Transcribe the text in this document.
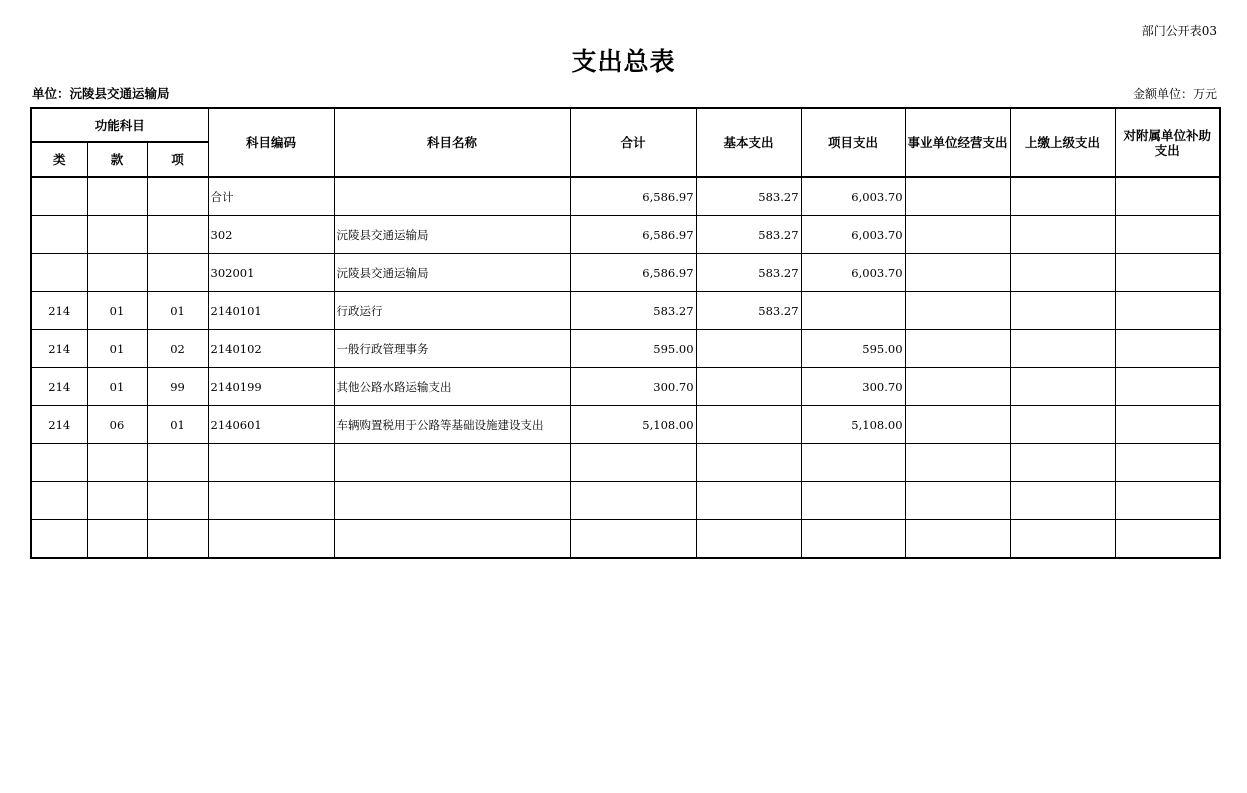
部门公开表03
支出总表
单位：沅陵县交通运输局	金额单位：万元
功能科目			科目编码	科目名称	合计	基本支出	项目支出	事业单位经营支出	上缴上级支出	对附属单位补助支出
类	款	项								
			合计		6,586.97	583.27	6,003.70			
			302	沅陵县交通运输局	6,586.97	583.27	6,003.70			
			302001	沅陵县交通运输局	6,586.97	583.27	6,003.70			
214	01	01	2140101	行政运行	583.27	583.27				
214	01	02	2140102	一般行政管理事务	595.00		595.00			
214	01	99	2140199	其他公路水路运输支出	300.70		300.70			
214	06	01	2140601	车辆购置税用于公路等基础设施建设支出	5,108.00		5,108.00			
